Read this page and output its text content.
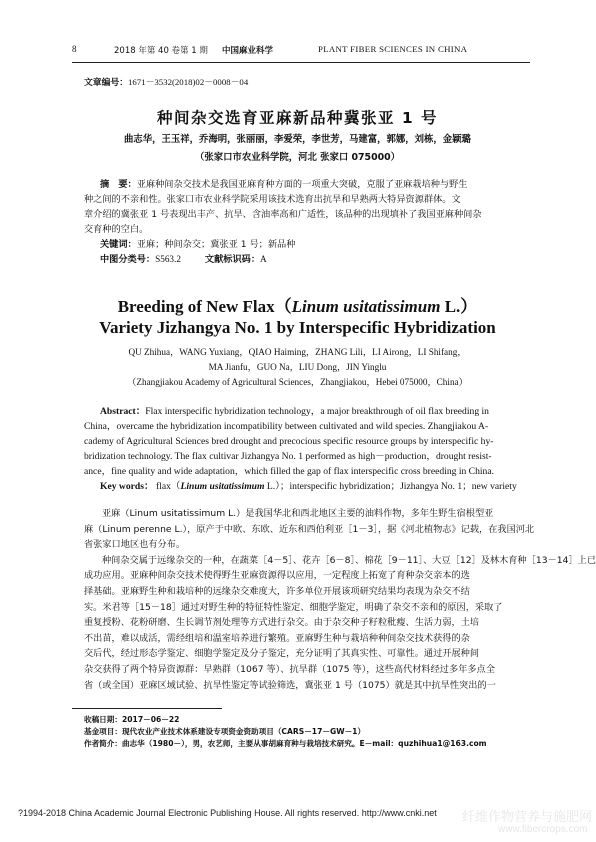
8	2018 年第 40 卷第 1 期 中国麻业科学	PLANT FIBER SCIENCES IN CHINA
文章编号：1671－3532(2018)02－0008－04
种间杂交选育亚麻新品种冀张亚 1 号
曲志华，王玉祥，乔海明，张丽丽，李爱荣，李世芳，马建富，郭娜，刘栋，金颖璐
（张家口市农业科学院，河北 张家口 075000）
摘　要：亚麻种间杂交技术是我国亚麻育种方面的一项重大突破，克服了亚麻栽培种与野生
种之间的不亲和性。张家口市农业科学院采用该技术选育出抗旱和早熟两大特异资源群体。文
章介绍的冀张亚 1 号表现出丰产、抗旱、含油率高和广适性，该品种的出现填补了我国亚麻种间杂
交育种的空白。
关键词：亚麻；种间杂交；冀张亚 1 号；新品种
中图分类号：S563.2	文献标识码：A
Breeding of New Flax（Linum usitatissimum L.）
Variety Jizhangya No. 1 by Interspecific Hybridization
QU Zhihua，WANG Yuxiang，QIAO Haiming，ZHANG Lili，LI Airong，LI Shifang，
MA Jianfu，GUO Na，LIU Dong，JIN Yinglu
（Zhangjiakou Academy of Agricultural Sciences，Zhangjiakou，Hebei 075000，China）
Abstract：Flax interspecific hybridization technology，a major breakthrough of oil flax breeding in
China，overcame the hybridization incompatibility between cultivated and wild species. Zhangjiakou A-
cademy of Agricultural Sciences bred drought and precocious specific resource groups by interspecific hy-
bridization technology. The flax cultivar Jizhangya No. 1 performed as high－production，drought resist-
ance，fine quality and wide adaptation，which filled the gap of flax interspecific cross breeding in China.
Key words： flax（Linum usitatissimum L.）；interspecific hybridization；Jizhangya No. 1；new variety
亚麻（Linum usitatissimum L.）是我国华北和西北地区主要的油料作物，多年生野生宿根型亚
麻（Linum perenne L.），原产于中欧、东欧、近东和西伯利亚［1－3］，据《河北植物志》记载，在我国河北
省张家口地区也有分布。
种间杂交属于远缘杂交的一种，在蔬菜［4－5］、花卉［6－8］、棉花［9－11］、大豆［12］及林木育种［13－14］上已
成功应用。亚麻种间杂交技术使得野生亚麻资源得以应用，一定程度上拓宽了育种杂交亲本的选
择基础。亚麻野生种和栽培种的远缘杂交难度大，许多单位开展该项研究结果均表现为杂交不结
实。米君等［15－18］通过对野生种的特征特性鉴定、细胞学鉴定，明确了杂交不亲和的原因，采取了
重复授粉、花粉研磨、生长调节剂处理等方式进行杂交。由于杂交种子籽粒秕瘦、生活力弱，土培
不出苗，难以成活，需经组培和温室培养进行繁殖。亚麻野生种与栽培种种间杂交技术获得的杂
交后代，经过形态学鉴定、细胞学鉴定及分子鉴定，充分证明了其真实性、可靠性。通过开展种间
杂交获得了两个特异资源群：早熟群（1067 等）、抗旱群（1075 等），这些高代材料经过多年多点全
省（或全国）亚麻区域试验、抗旱性鉴定等试验筛选，冀张亚 1 号（1075）就是其中抗旱性突出的一
收稿日期：2017－06－22
基金项目：现代农业产业技术体系建设专项资金资助项目（CARS－17－GW－1）
作者简介：曲志华（1980－），男，农艺师，主要从事胡麻育种与栽培技术研究。E－mail：quzhihua1@163.com
?1994-2018 China Academic Journal Electronic Publishing House. All rights reserved. http://www.cnki.net	纤维作物营养与施肥网
www.fibercrops.com
